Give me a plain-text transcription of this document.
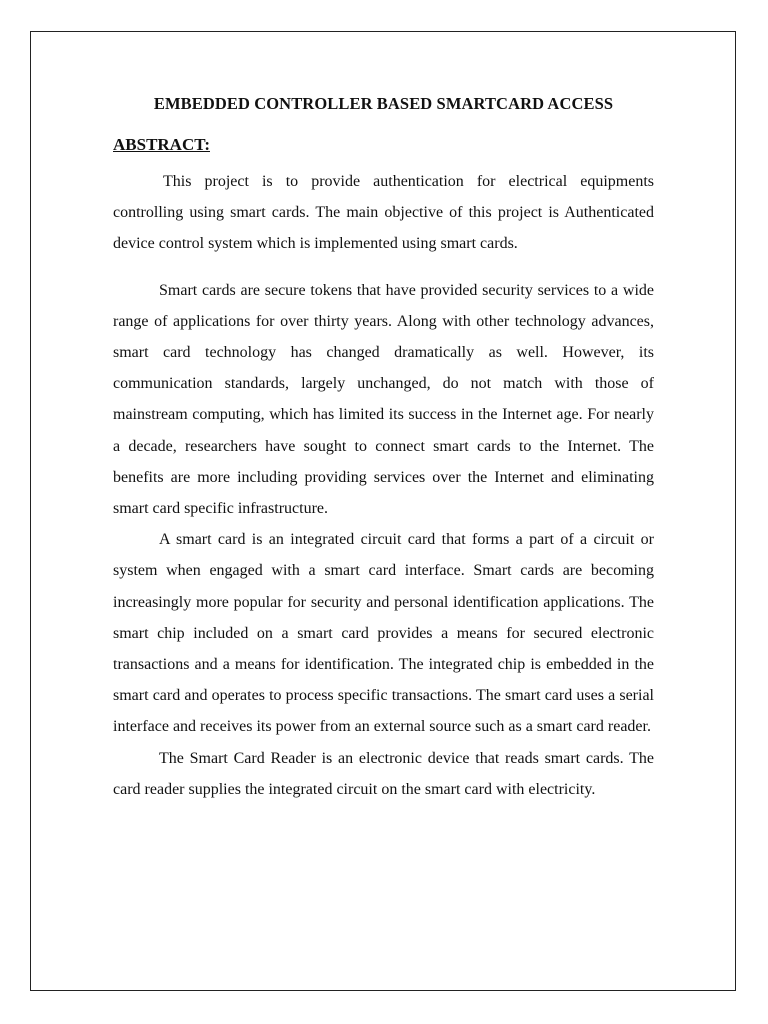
EMBEDDED CONTROLLER BASED SMARTCARD ACCESS
ABSTRACT:

This project is to provide authentication for electrical equipments controlling using smart cards. The main objective of this project is Authenticated device control system which is implemented using smart cards.

Smart cards are secure tokens that have provided security services to a wide range of applications for over thirty years. Along with other technology advances, smart card technology has changed dramatically as well. However, its communication standards, largely unchanged, do not match with those of mainstream computing, which has limited its success in the Internet age. For nearly a decade, researchers have sought to connect smart cards to the Internet. The benefits are more including providing services over the Internet and eliminating smart card specific infrastructure.

A smart card is an integrated circuit card that forms a part of a circuit or system when engaged with a smart card interface. Smart cards are becoming increasingly more popular for security and personal identification applications. The smart chip included on a smart card provides a means for secured electronic transactions and a means for identification. The integrated chip is embedded in the smart card and operates to process specific transactions. The smart card uses a serial interface and receives its power from an external source such as a smart card reader.

The Smart Card Reader is an electronic device that reads smart cards. The card reader supplies the integrated circuit on the smart card with electricity.
